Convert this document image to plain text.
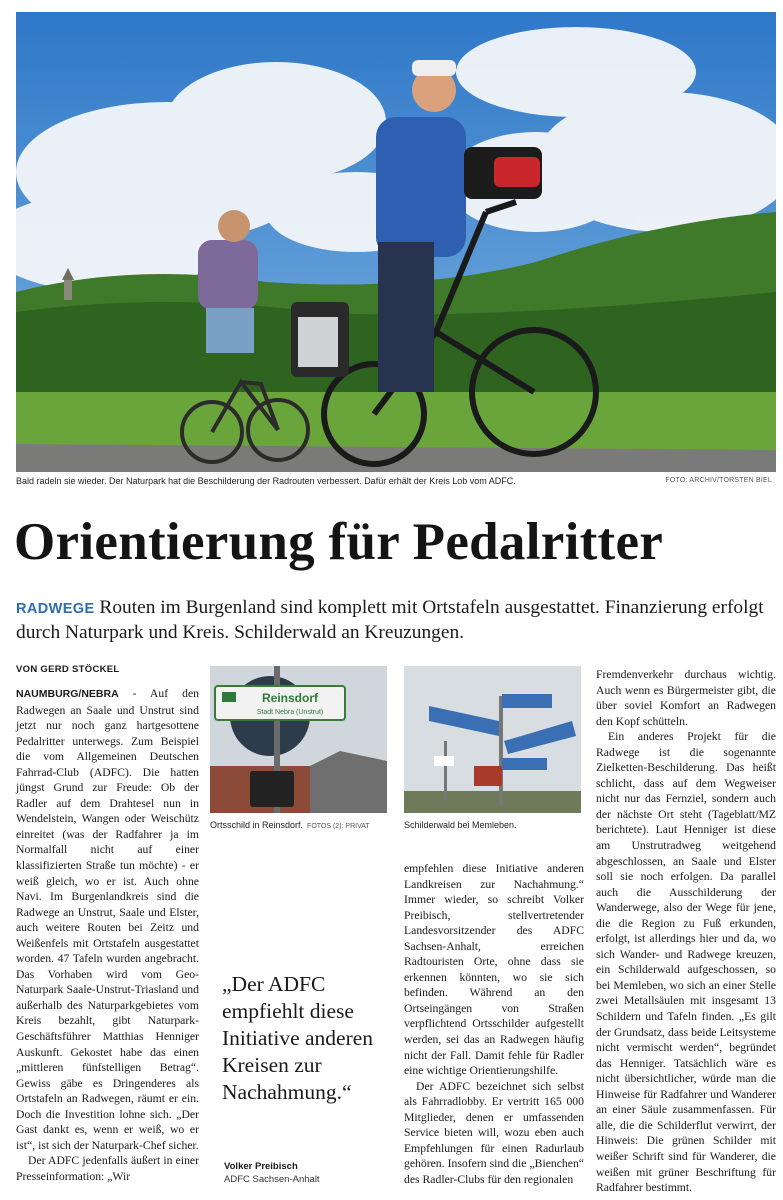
Bald radeln sie wieder. Der Naturpark hat die Beschilderung der Radrouten verbessert. Dafür erhält der Kreis Lob vom ADFC.	FOTO: ARCHIV/TORSTEN BIEL
Orientierung für Pedalritter
RADWEGE Routen im Burgenland sind komplett mit Ortstafeln ausgestattet. Finanzierung erfolgt durch Naturpark und Kreis. Schilderwald an Kreuzungen.
VON GERD STÖCKEL

NAUMBURG/NEBRA - Auf den Radwegen an Saale und Unstrut sind jetzt nur noch ganz hartgesottene Pedalritter unterwegs. Zum Beispiel die vom Allgemeinen Deutschen Fahrrad-Club (ADFC). Die hatten jüngst Grund zur Freude: Ob der Radler auf dem Drahtesel nun in Wendelstein, Wangen oder Weischütz einreitet (was der Radfahrer ja im Normalfall nicht auf einer klassifizierten Straße tun möchte) - er weiß gleich, wo er ist. Auch ohne Navi. Im Burgenlandkreis sind die Radwege an Unstrut, Saale und Elster, auch weitere Routen bei Zeitz und Weißenfels mit Ortstafeln ausgestattet worden. 47 Tafeln wurden angebracht. Das Vorhaben wird vom Geo-Naturpark Saale-Unstrut-Triasland und außerhalb des Naturparkgebietes vom Kreis bezahlt, gibt Naturpark-Geschäftsführer Matthias Henniger Auskunft. Gekostet habe das einen „mittleren fünfstelligen Betrag“. Gewiss gäbe es Dringenderes als Ortstafeln an Radwegen, räumt er ein. Doch die Investition lohne sich. „Der Gast dankt es, wenn er weiß, wo er ist“, ist sich der Naturpark-Chef sicher.

Der ADFC jedenfalls äußert in einer Presseinformation: „Wir

Reinsdorf
Stadt Nebra (Unstrut)
Ortsschild in Reinsdorf. FOTOS (2): PRIVAT	Schilderwald bei Memleben.
„Der ADFC empfiehlt diese Initiative anderen Kreisen zur Nachahmung.“
Volker Preibisch
ADFC Sachsen-Anhalt

empfehlen diese Initiative anderen Landkreisen zur Nachahmung.“ Immer wieder, so schreibt Volker Preibisch, stellvertretender Landesvorsitzender des ADFC Sachsen-Anhalt, erreichen Radtouristen Orte, ohne dass sie erkennen könnten, wo sie sich befinden. Während an den Ortseingängen von Straßen verpflichtend Ortsschilder aufgestellt werden, sei das an Radwegen häufig nicht der Fall. Damit fehle für Radler eine wichtige Orientierungshilfe.

Der ADFC bezeichnet sich selbst als Fahrradlobby. Er vertritt 165 000 Mitglieder, denen er umfassenden Service bieten will, wozu eben auch Empfehlungen für einen Radurlaub gehören. Insofern sind die „Bienchen“ des Radler-Clubs für den regionalen

Fremdenverkehr durchaus wichtig. Auch wenn es Bürgermeister gibt, die über soviel Komfort an Radwegen den Kopf schütteln.

Ein anderes Projekt für die Radwege ist die sogenannte Zielketten-Beschilderung. Das heißt schlicht, dass auf dem Wegweiser nicht nur das Fernziel, sondern auch der nächste Ort steht (Tageblatt/MZ berichtete). Laut Henniger ist diese am Unstrutradweg weitgehend abgeschlossen, an Saale und Elster soll sie noch erfolgen. Da parallel auch die Ausschilderung der Wanderwege, also der Wege für jene, die die Region zu Fuß erkunden, erfolgt, ist allerdings hier und da, wo sich Wander- und Radwege kreuzen, ein Schilderwald aufgeschossen, so bei Memleben, wo sich an einer Stelle zwei Metallsäulen mit insgesamt 13 Schildern und Tafeln finden. „Es gilt der Grundsatz, dass beide Leitsysteme nicht vermischt werden“, begründet das Henniger. Tatsächlich wäre es nicht übersichtlicher, würde man die Hinweise für Radfahrer und Wanderer an einer Säule zusammenfassen. Für alle, die die Schilderflut verwirrt, der Hinweis: Die grünen Schilder mit weißer Schrift sind für Wanderer, die weißen mit grüner Beschriftung für Radfahrer bestimmt.
